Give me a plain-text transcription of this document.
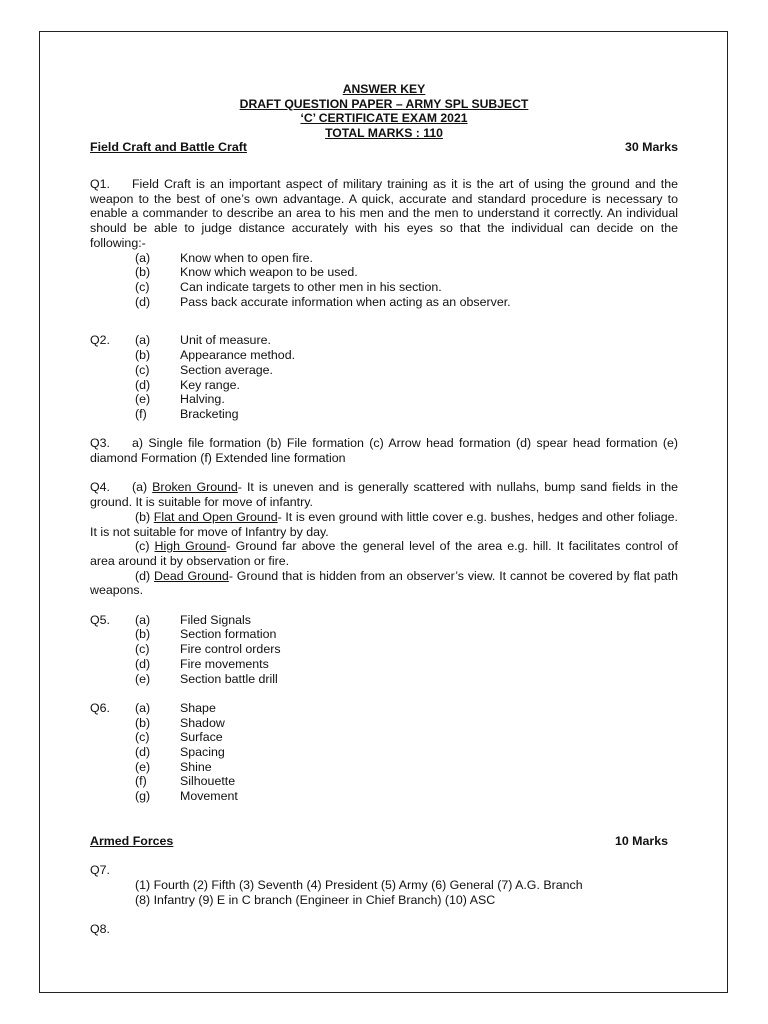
ANSWER KEY
DRAFT QUESTION PAPER – ARMY SPL SUBJECT
‘C’ CERTIFICATE EXAM 2021
TOTAL MARKS : 110
Field Craft and Battle Craft	30 Marks

Q1. Field Craft is an important aspect of military training as it is the art of using the ground and the weapon to the best of one’s own advantage. A quick, accurate and standard procedure is necessary to enable a commander to describe an area to his men and the men to understand it correctly. An individual should be able to judge distance accurately with his eyes so that the individual can decide on the following:-

(a)	Know when to open fire.
(b)	Know which weapon to be used.
(c)	Can indicate targets to other men in his section.
(d)	Pass back accurate information when acting as an observer.
Q2.	(a)	Unit of measure.
(b)	Appearance method.
(c)	Section average.
(d)	Key range.
(e)	Halving.
(f)	Bracketing

Q3. a) Single file formation (b) File formation (c) Arrow head formation (d) spear head formation (e) diamond Formation (f) Extended line formation

Q4. (a) Broken Ground- It is uneven and is generally scattered with nullahs, bump sand fields in the ground. It is suitable for move of infantry.

(b) Flat and Open Ground- It is even ground with little cover e.g. bushes, hedges and other foliage. It is not suitable for move of Infantry by day.

(c) High Ground- Ground far above the general level of the area e.g. hill. It facilitates control of area around it by observation or fire.

(d) Dead Ground- Ground that is hidden from an observer’s view. It cannot be covered by flat path weapons.

Q5.	(a)	Filed Signals
(b)	Section formation
(c)	Fire control orders
(d)	Fire movements
(e)	Section battle drill
Q6.	(a)	Shape
(b)	Shadow
(c)	Surface
(d)	Spacing
(e)	Shine
(f)	Silhouette
(g)	Movement
Armed Forces	10 Marks

Q7.

(1) Fourth (2) Fifth (3) Seventh (4) President (5) Army (6) General (7) A.G. Branch

(8) Infantry (9) E in C branch (Engineer in Chief Branch) (10) ASC

Q8.
